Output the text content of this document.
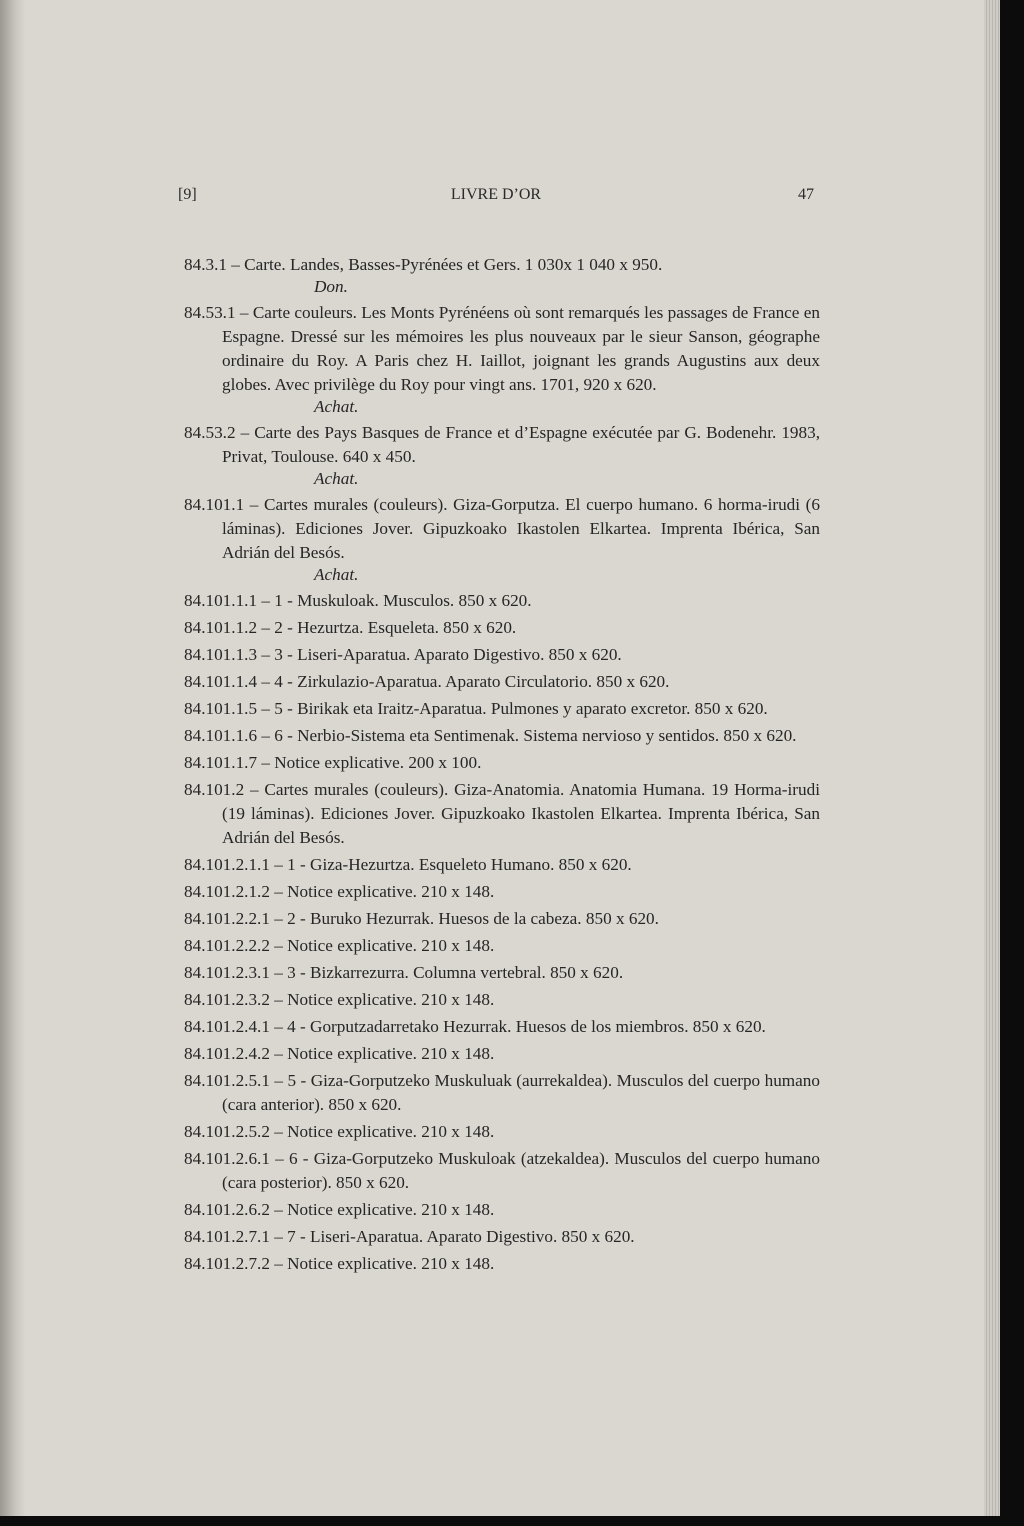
[9]	LIVRE D’OR	47
84.3.1 – Carte. Landes, Basses-Pyrénées et Gers. 1 030x 1 040 x 950.
Don.
84.53.1 – Carte couleurs. Les Monts Pyrénéens où sont remarqués les passages de France en Espagne. Dressé sur les mémoires les plus nouveaux par le sieur Sanson, géographe ordinaire du Roy. A Paris chez H. Iaillot, joignant les grands Augustins aux deux globes. Avec privilège du Roy pour vingt ans. 1701, 920 x 620.
Achat.
84.53.2 – Carte des Pays Basques de France et d’Espagne exécutée par G. Bodenehr. 1983, Privat, Toulouse. 640 x 450.
Achat.
84.101.1 – Cartes murales (couleurs). Giza-Gorputza. El cuerpo humano. 6 horma-irudi (6 láminas). Ediciones Jover. Gipuzkoako Ikastolen Elkartea. Imprenta Ibérica, San Adrián del Besós.
Achat.
84.101.1.1 – 1 - Muskuloak. Musculos. 850 x 620.
84.101.1.2 – 2 - Hezurtza. Esqueleta. 850 x 620.
84.101.1.3 – 3 - Liseri-Aparatua. Aparato Digestivo. 850 x 620.
84.101.1.4 – 4 - Zirkulazio-Aparatua. Aparato Circulatorio. 850 x 620.
84.101.1.5 – 5 - Birikak eta Iraitz-Aparatua. Pulmones y aparato excretor. 850 x 620.
84.101.1.6 – 6 - Nerbio-Sistema eta Sentimenak. Sistema nervioso y sentidos. 850 x 620.
84.101.1.7 – Notice explicative. 200 x 100.
84.101.2 – Cartes murales (couleurs). Giza-Anatomia. Anatomia Humana. 19 Horma-irudi (19 láminas). Ediciones Jover. Gipuzkoako Ikastolen Elkartea. Imprenta Ibérica, San Adrián del Besós.
84.101.2.1.1 – 1 - Giza-Hezurtza. Esqueleto Humano. 850 x 620.
84.101.2.1.2 – Notice explicative. 210 x 148.
84.101.2.2.1 – 2 - Buruko Hezurrak. Huesos de la cabeza. 850 x 620.
84.101.2.2.2 – Notice explicative. 210 x 148.
84.101.2.3.1 – 3 - Bizkarrezurra. Columna vertebral. 850 x 620.
84.101.2.3.2 – Notice explicative. 210 x 148.
84.101.2.4.1 – 4 - Gorputzadarretako Hezurrak. Huesos de los miembros. 850 x 620.
84.101.2.4.2 – Notice explicative. 210 x 148.
84.101.2.5.1 – 5 - Giza-Gorputzeko Muskuluak (aurrekaldea). Musculos del cuerpo humano (cara anterior). 850 x 620.
84.101.2.5.2 – Notice explicative. 210 x 148.
84.101.2.6.1 – 6 - Giza-Gorputzeko Muskuloak (atzekaldea). Musculos del cuerpo humano (cara posterior). 850 x 620.
84.101.2.6.2 – Notice explicative. 210 x 148.
84.101.2.7.1 – 7 - Liseri-Aparatua. Aparato Digestivo. 850 x 620.
84.101.2.7.2 – Notice explicative. 210 x 148.
